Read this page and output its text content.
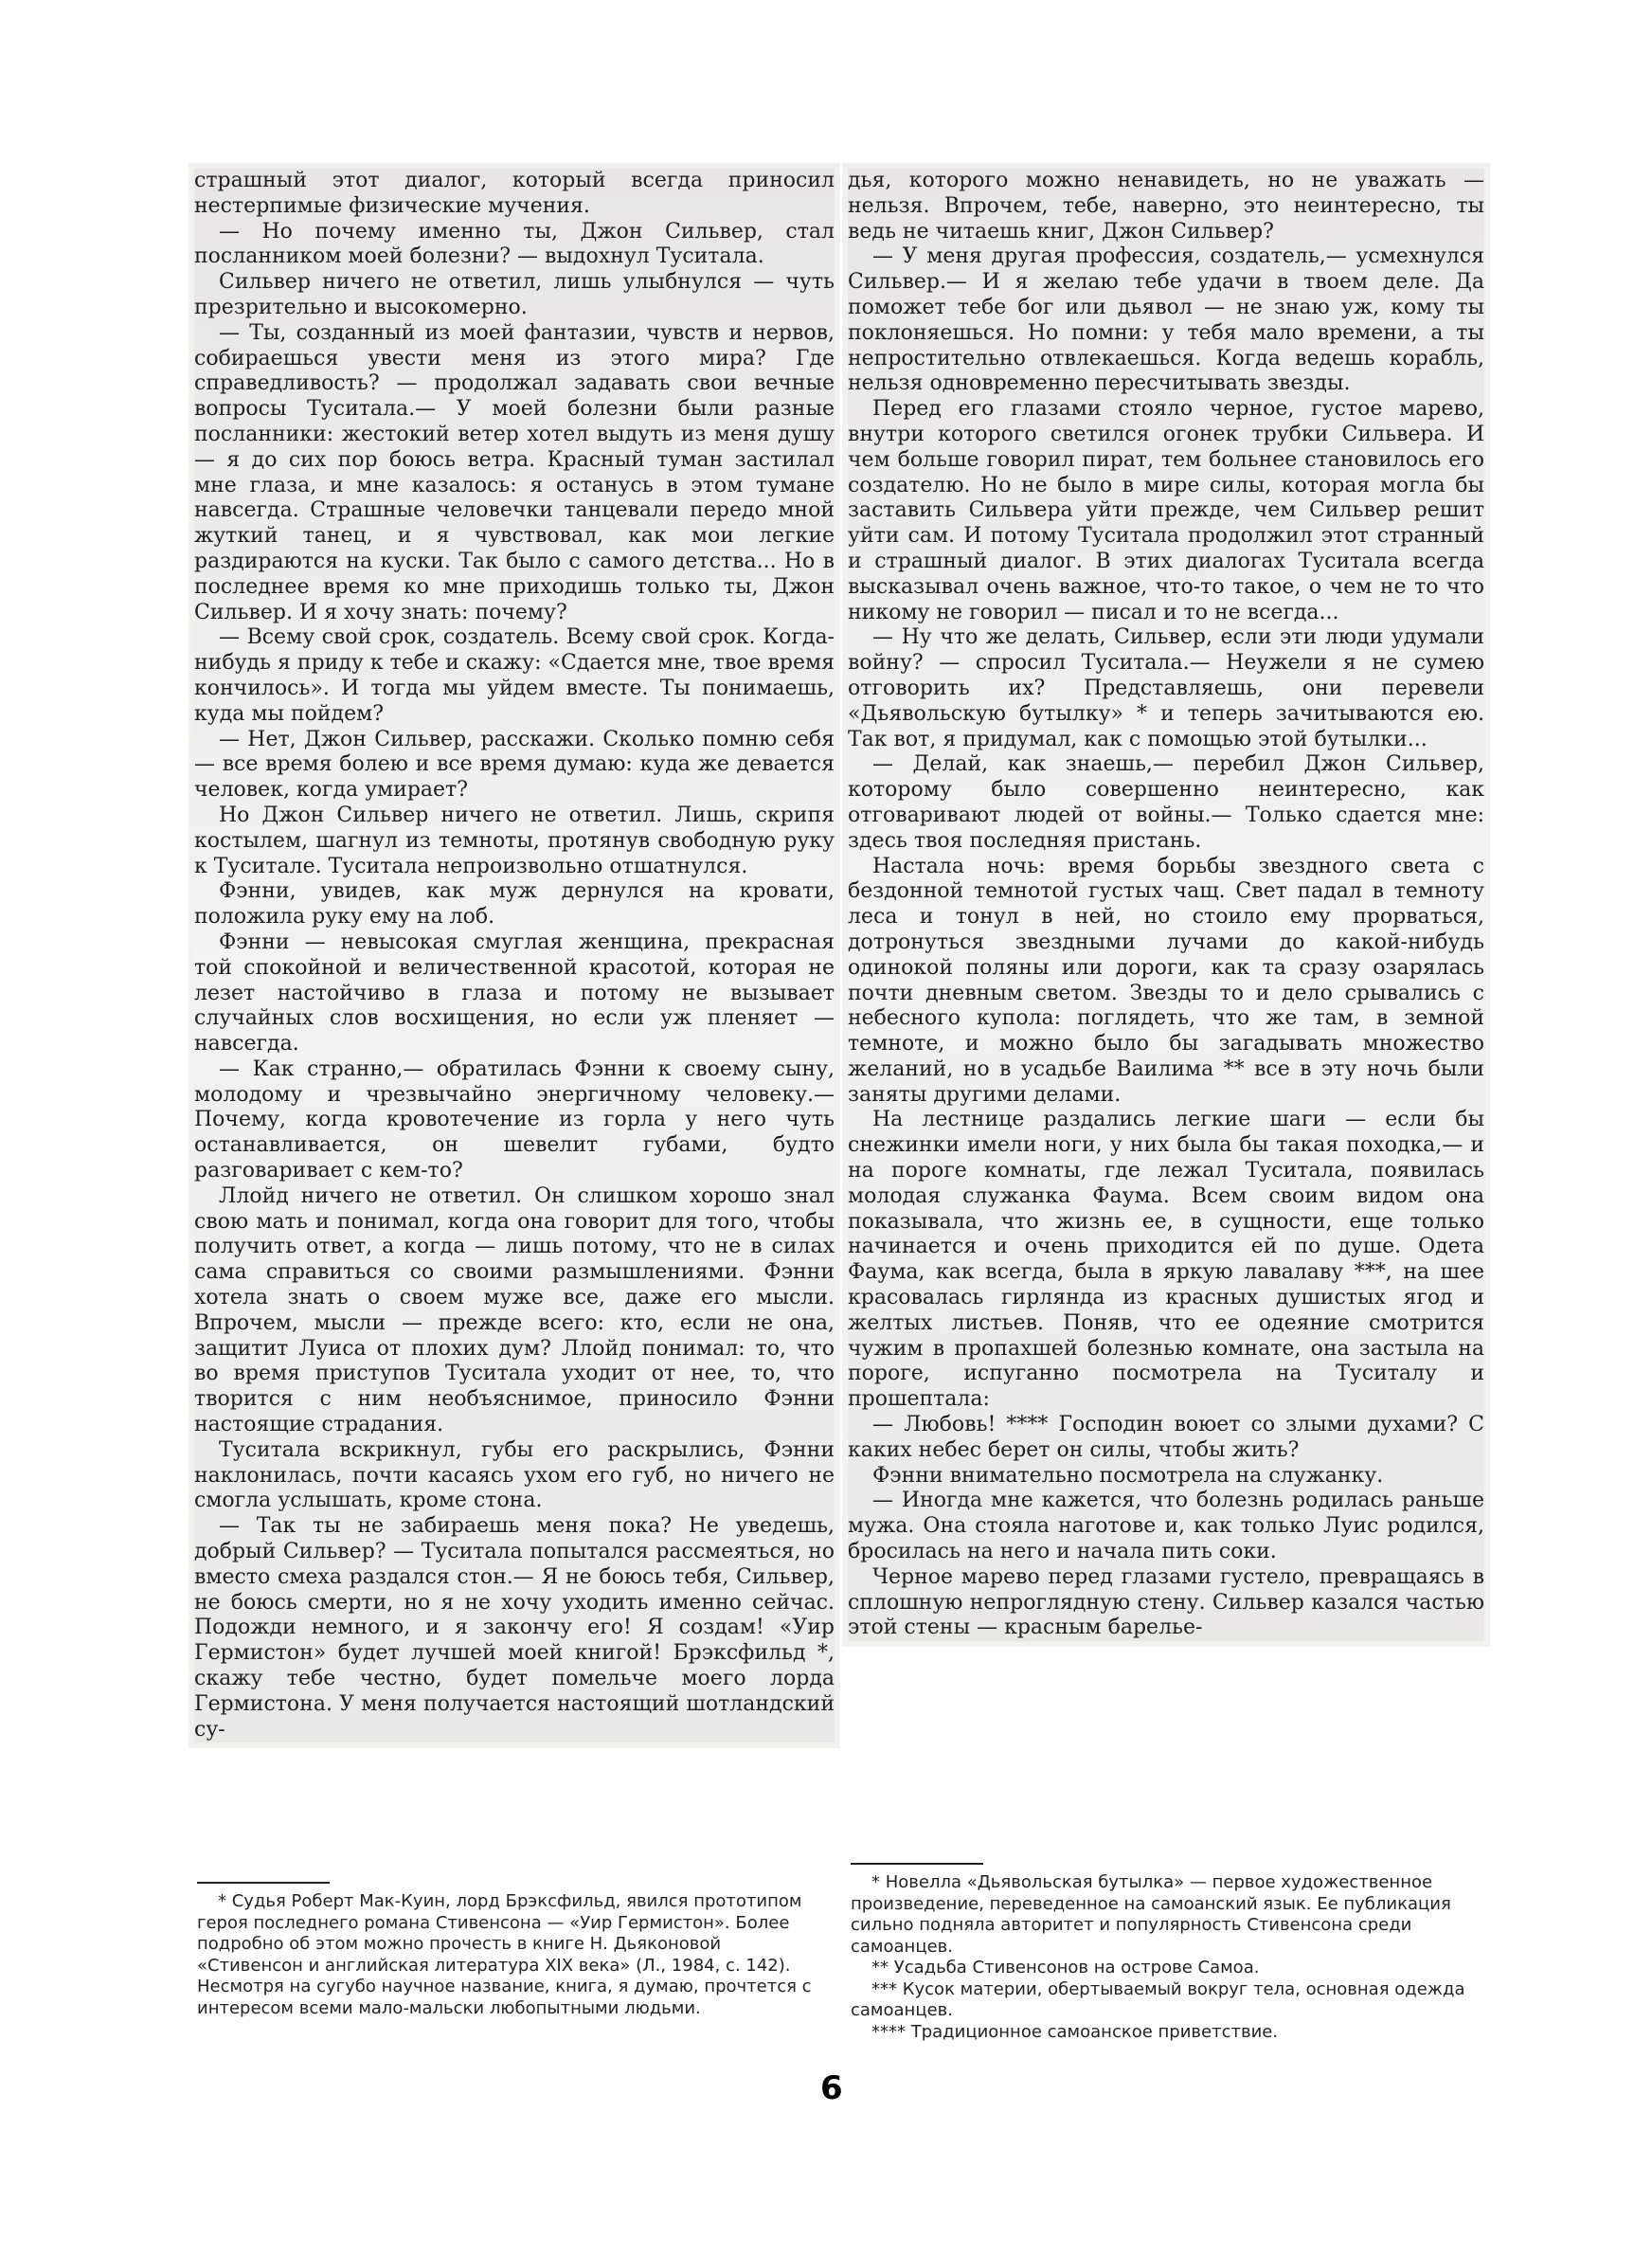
страшный этот диалог, который всегда приносил нестерпимые физические мучения.

— Но почему именно ты, Джон Сильвер, стал посланником моей болезни? — выдохнул Туситала.

Сильвер ничего не ответил, лишь улыбнулся — чуть презрительно и высокомерно.

— Ты, созданный из моей фантазии, чувств и нервов, собираешься увести меня из этого мира? Где справедливость? — продолжал задавать свои вечные вопросы Туситала.— У моей болезни были разные посланники: жестокий ветер хотел выдуть из меня душу — я до сих пор боюсь ветра. Красный туман застилал мне глаза, и мне казалось: я останусь в этом тумане навсегда. Страшные человечки танцевали передо мной жуткий танец, и я чувствовал, как мои легкие раздираются на куски. Так было с самого детства... Но в последнее время ко мне приходишь только ты, Джон Сильвер. И я хочу знать: почему?

— Всему свой срок, создатель. Всему свой срок. Когда-нибудь я приду к тебе и скажу: «Сдается мне, твое время кончилось». И тогда мы уйдем вместе. Ты понимаешь, куда мы пойдем?

— Нет, Джон Сильвер, расскажи. Сколько помню себя — все время болею и все время думаю: куда же девается человек, когда умирает?

Но Джон Сильвер ничего не ответил. Лишь, скрипя костылем, шагнул из темноты, протянув свободную руку к Туситале. Туситала непроизвольно отшатнулся.

Фэнни, увидев, как муж дернулся на кровати, положила руку ему на лоб.

Фэнни — невысокая смуглая женщина, прекрасная той спокойной и величественной красотой, которая не лезет настойчиво в глаза и потому не вызывает случайных слов восхищения, но если уж пленяет — навсегда.

— Как странно,— обратилась Фэнни к своему сыну, молодому и чрезвычайно энергичному человеку.— Почему, когда кровотечение из горла у него чуть останавливается, он шевелит губами, будто разговаривает с кем-то?

Ллойд ничего не ответил. Он слишком хорошо знал свою мать и понимал, когда она говорит для того, чтобы получить ответ, а когда — лишь потому, что не в силах сама справиться со своими размышлениями. Фэнни хотела знать о своем муже все, даже его мысли. Впрочем, мысли — прежде всего: кто, если не она, защитит Луиса от плохих дум? Ллойд понимал: то, что во время приступов Туситала уходит от нее, то, что творится с ним необъяснимое, приносило Фэнни настоящие страдания.

Туситала вскрикнул, губы его раскрылись, Фэнни наклонилась, почти касаясь ухом его губ, но ничего не смогла услышать, кроме стона.

— Так ты не забираешь меня пока? Не уведешь, добрый Сильвер? — Туситала попытался рассмеяться, но вместо смеха раздался стон.— Я не боюсь тебя, Сильвер, не боюсь смерти, но я не хочу уходить именно сейчас. Подожди немного, и я закончу его! Я создам! «Уир Гермистон» будет лучшей моей книгой! Брэксфильд *, скажу тебе честно, будет помельче моего лорда Гермистона. У меня получается настоящий шотландский су-

дья, которого можно ненавидеть, но не уважать — нельзя. Впрочем, тебе, наверно, это неинтересно, ты ведь не читаешь книг, Джон Сильвер?

— У меня другая профессия, создатель,— усмехнулся Сильвер.— И я желаю тебе удачи в твоем деле. Да поможет тебе бог или дьявол — не знаю уж, кому ты поклоняешься. Но помни: у тебя мало времени, а ты непростительно отвлекаешься. Когда ведешь корабль, нельзя одновременно пересчитывать звезды.

Перед его глазами стояло черное, густое марево, внутри которого светился огонек трубки Сильвера. И чем больше говорил пират, тем больнее становилось его создателю. Но не было в мире силы, которая могла бы заставить Сильвера уйти прежде, чем Сильвер решит уйти сам. И потому Туситала продолжил этот странный и страшный диалог. В этих диалогах Туситала всегда высказывал очень важное, что-то такое, о чем не то что никому не говорил — писал и то не всегда...

— Ну что же делать, Сильвер, если эти люди удумали войну? — спросил Туситала.— Неужели я не сумею отговорить их? Представляешь, они перевели «Дьявольскую бутылку» * и теперь зачитываются ею. Так вот, я придумал, как с помощью этой бутылки...

— Делай, как знаешь,— перебил Джон Сильвер, которому было совершенно неинтересно, как отговаривают людей от войны.— Только сдается мне: здесь твоя последняя пристань.

Настала ночь: время борьбы звездного света с бездонной темнотой густых чащ. Свет падал в темноту леса и тонул в ней, но стоило ему прорваться, дотронуться звездными лучами до какой-нибудь одинокой поляны или дороги, как та сразу озарялась почти дневным светом. Звезды то и дело срывались с небесного купола: поглядеть, что же там, в земной темноте, и можно было бы загадывать множество желаний, но в усадьбе Ваилима ** все в эту ночь были заняты другими делами.

На лестнице раздались легкие шаги — если бы снежинки имели ноги, у них была бы такая походка,— и на пороге комнаты, где лежал Туситала, появилась молодая служанка Фаума. Всем своим видом она показывала, что жизнь ее, в сущности, еще только начинается и очень приходится ей по душе. Одета Фаума, как всегда, была в яркую лавалаву ***, на шее красовалась гирлянда из красных душистых ягод и желтых листьев. Поняв, что ее одеяние смотрится чужим в пропахшей болезнью комнате, она застыла на пороге, испуганно посмотрела на Туситалу и прошептала:

— Любовь! **** Господин воюет со злыми духами? С каких небес берет он силы, чтобы жить?

Фэнни внимательно посмотрела на служанку.

— Иногда мне кажется, что болезнь родилась раньше мужа. Она стояла наготове и, как только Луис родился, бросилась на него и начала пить соки.

Черное марево перед глазами густело, превращаясь в сплошную непроглядную стену. Сильвер казался частью этой стены — красным барелье-

* Судья Роберт Мак-Куин, лорд Брэксфильд, явился прототипом героя последнего романа Стивенсона — «Уир Гермистон». Более подробно об этом можно прочесть в книге Н. Дьяконовой «Стивенсон и английская литература XIX века» (Л., 1984, с. 142). Несмотря на сугубо научное название, книга, я думаю, прочтется с интересом всеми мало-мальски любопытными людьми.

* Новелла «Дьявольская бутылка» — первое художественное произведение, переведенное на самоанский язык. Ее публикация сильно подняла авторитет и популярность Стивенсона среди самоанцев.

** Усадьба Стивенсонов на острове Самоа.

*** Кусок материи, обертываемый вокруг тела, основная одежда самоанцев.

**** Традиционное самоанское приветствие.

6
